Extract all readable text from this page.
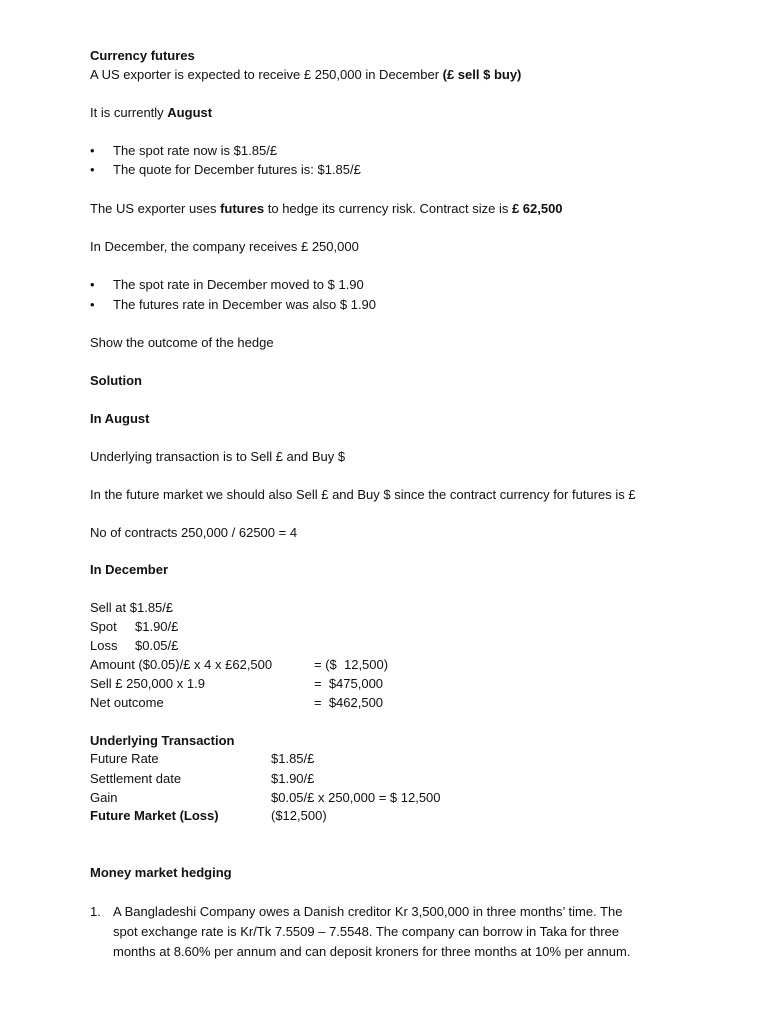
Currency futures
A US exporter is expected to receive £ 250,000 in December (£ sell $ buy)
It is currently August
•	The spot rate now is $1.85/£
•	The quote for December futures is: $1.85/£
The US exporter uses futures to hedge its currency risk. Contract size is £ 62,500
In December, the company receives £ 250,000
•	The spot rate in December moved to $ 1.90
•	The futures rate in December was also $ 1.90
Show the outcome of the hedge
Solution
In August
Underlying transaction is to Sell £ and Buy $
In the future market we should also Sell £ and Buy $ since the contract currency for futures is £
No of contracts 250,000 / 62500 = 4
In December
Sell at $1.85/£
Spot $1.90/£
Loss $0.05/£
Amount ($0.05)/£ x 4 x £62,500	= ($  12,500)
Sell £ 250,000 x 1.9	=  $475,000
Net outcome	=  $462,500
Underlying Transaction
Future Rate	$1.85/£
Settlement date	$1.90/£
Gain	$0.05/£ x 250,000 = $ 12,500
Future Market (Loss)	($12,500)
Money market hedging
1. A Bangladeshi Company owes a Danish creditor Kr 3,500,000 in three months’ time. The
spot exchange rate is Kr/Tk 7.5509 – 7.5548. The company can borrow in Taka for three
months at 8.60% per annum and can deposit kroners for three months at 10% per annum.
